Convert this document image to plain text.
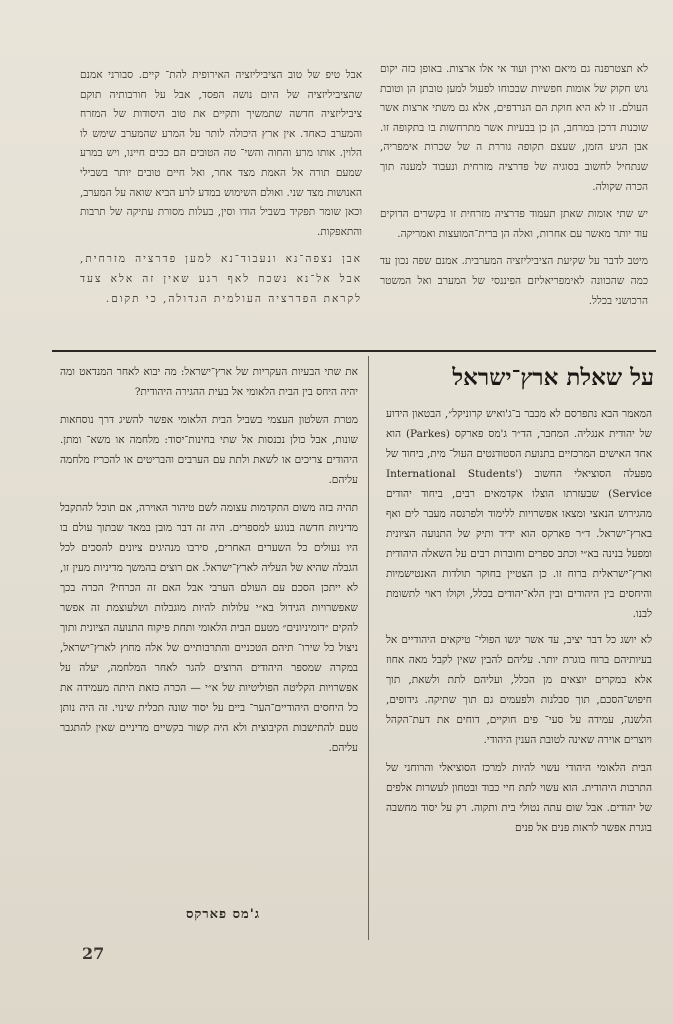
לא תצטרפנה גם מיאם ואירן ועוד אי אלו ארצות. באופן כזה יקום גוש חקוק של אומות חפשיות שבכוחו לפעול למען טובתן הן וטובת העולם. זו לא היא חוקת הם הנרדפים, אלא גם משתי ארצות אשר שוכנות דרכן במרחב, הן כן בבעיות אשר מתרחשות בו בתקופה זו. אבן הגיע הזמן, שעצם תקופה גוררת ה של שכרות אימפריה, שנתחיל לחשוב בסוגיה של פדרציה מזרחית ונעבוד למענה תוך הכרה שקולה.

יש שתי אומות שאתן תעמוד פדרציה מזרחית זו בקשרים הדוקים עוד יותר מאשר עם אחרות, ואלה הן ברית־המועצות ואמריקה.

מיטב לדבר על שקיעת הציביליזציה המערבית. אמנם שפה נכון עד כמה שהכוונה לאימפריאליזם הפיננסי של המערב ואל המשטר הרכושני בכלל.

אבל טיפ של טוב הציביליזציה האירופית להת־ קיים. סבורני אמנם שהציביליזציה של היום נושה הפסד, אבל על חורבותיה תוקם ציביליזציה חדשה שתמשיך ותקיים את טוב היסודות של המזרח והמערב כאחד. אין ארץ היכולה לותר על המרע שהמערב שימש לו הלוין. אותו מרע והחוה והשי־ טה הטובים הם ככים חיינו, ויש במרע שמעם תורה אל האמת מצד אחר, ואל חיים טובים יותר בשבילי האנושות מצד שני. ואולם השימוש במדע לרע הביא שואה על המערב, וכאן שומר תפקיד בשביל הודו וסין, בעלות מסורת עתיקה של תרבות והתאפקות.

אבן נצפה־נא ונעבוד־נא למען פדרציה מזרחית, אבל אל־נא נשכח לאף רגע שאין זה אלא צעד לקראת הפדרציה העולמית הגדולה, כי תקום.

על שאלת ארץ־ישראל

המאמר הבא נתפרסם לא מכבר ב־ג'ואיש קרוניקל״, הבטאון הידוע של יהודית אנגליה. המחבר, הד״ר ג'מס פארקס (Parkes) הוא אחד האישים המרכזיים בתנועת הסטודנטים העול־ מית, ביחוד של מפעלה הסוציאלי החשוב (International Students' Service) שבעזרתו הוצלו אקדמאים רבים, ביחוד יהודים מהגירוש הנאצי ומצאו אפשרויות ללימוד ולפרנסה מעבר לים ואף בארץ־ישראל. ד״ר פארקס הוא ידיד ותיק של התנועה הציונית ומפעל בנינה בא״י וכתב ספרים וחוברות רבים על השאלה היהודית וארץ־ישראלית ברוח זו. כן הצטיין בחוקר תולדות האנטישמיות והיחסים בין היהודים ובין הלא־יהודים בכלל, וקולו ראוי לתשומת לבנו.

לא יושג כל דבר יציב, עד אשר יגשו הפולי־ טיקאים היהודיים אל בעיותיהם ברוח בוגרת יותר. עליהם להבין שאין לקבל מאה אחוז אלא במקרים יוצאים מן הכלל, ועליהם לתת ולשאת, תוך חיפוש־הסכם, תוך סבלנות ולפעמים גם תוך שתיקה. גידופים, הלשנה, עמידה על סעי־ פים חוקיים, דוחים את דעת־הקהל ויוצרים אוירה שאינה לטובת הענין היהודי.

הבית הלאומי היהודי עשוי להיות למרכז הסוציאלי והרוחני של התרבות היהודית. הוא עשוי לתת חיי כבוד ובטחון לעשרות אלפים של יהודים. אבל שום עתה נטולי בית ותקוה. רק על יסוד מחשבה בוגרת אפשר לראות פנים אל פנים

את שתי הבעיות העקריות של ארץ־ישראל: מה יבוא לאחר המנדאט ומה יהיה היחס בין הבית הלאומי אל בעית ההגירה היהודית?

מטרת השלטון העצמי בשביל הבית הלאומי אפשר להשיג דרך נוסחאות שונות, אבל כולן נכנסות אל שתי בחינות־יסוד: מלחמה או משא־ ומתן. היהודים צריכים או לשאת ולתת עם הערבים והבריטים או להכריז מלחמה עליהם.

תהיה בזה משום התקדמות עצומה לשם טיהור האוירה, אם תוכל להתקבל מדיניות חדשה בנוגע למספרים. היה זה דבר מובן במאד שבתוך עולם בו היו נעולים כל השערים האחרים, סירבו מנהיגים ציונים להסכים לכל הגבלה שהיא של העליה לארץ־ישראל. אם רוצים בהמשך מדיניות מעין זו, לא ייתכן הסכם עם העולם הערבי אבל האם זה הכרחי? הכרה בכך שאפשרויות הגידול בא״י עלולות להיות מוגבלות ושלעוצמת זה אפשר להקים ״דומיניונים״ מטעם הבית הלאומי ותחת פיקוח התנועה הציונית ותוך ניצול כל שירו־ תיהם הטכניים והתרבותיים של אלה מחוץ לארץ־ישראל, במקרה שמספר היהודים הרוצים להגר לאחר המלחמה, יעלה על אפשרויות הקליטה הפוליטיות של א״י — הכרה כזאת היתה מעמידה את כל היחסים היהודיים־הער־ ביים על יסוד שונה תכלית שינוי. זה היה נותן טעם להתישבות הקיבוצית ולא היה קשור בקשיים מדיניים שאין להתגבר עליהם.

ג'מס פארקס
27
